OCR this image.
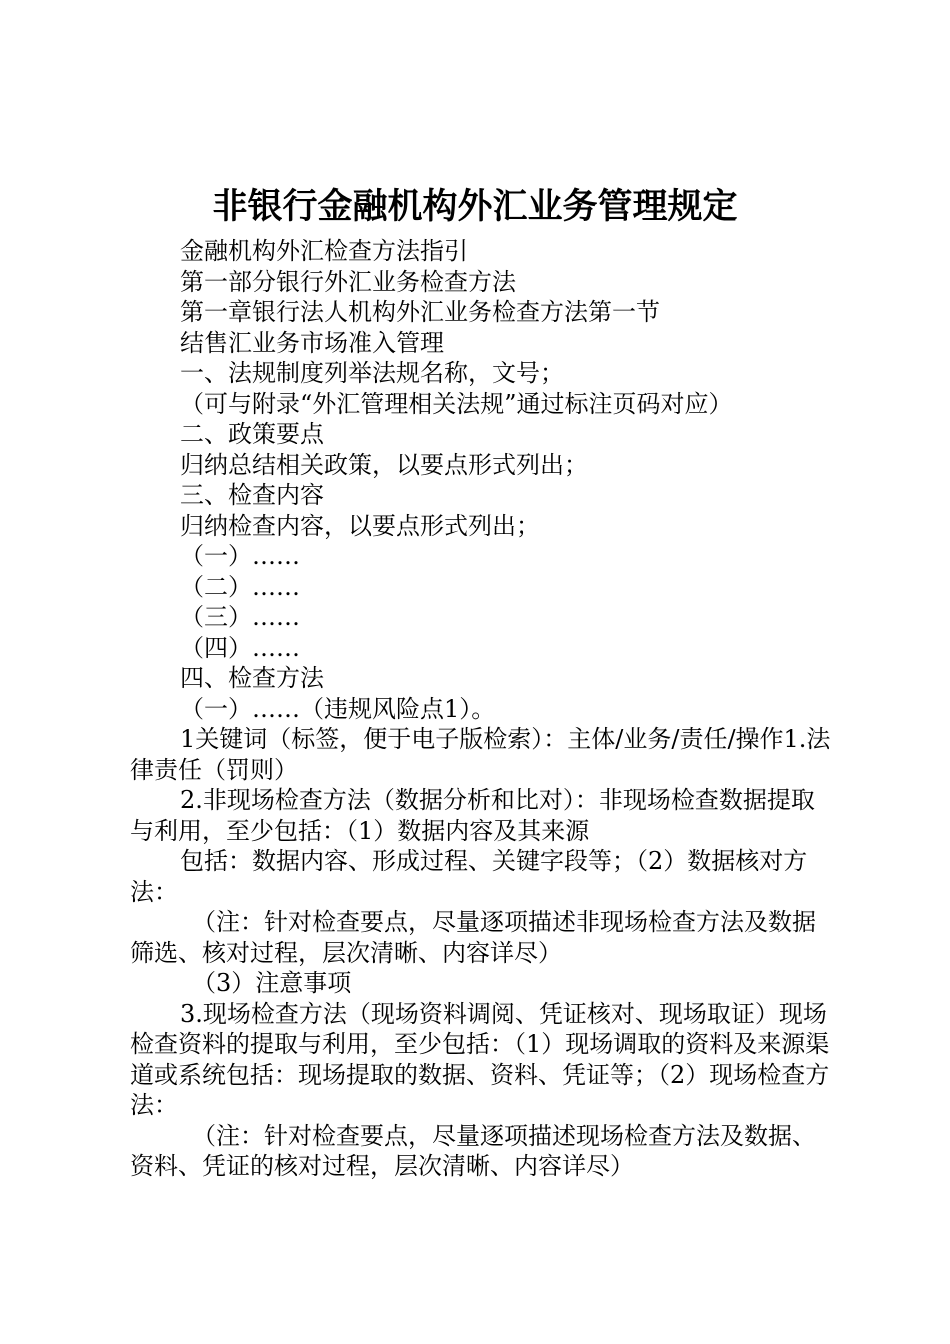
非银行金融机构外汇业务管理规定

金融机构外汇检查方法指引

第一部分银行外汇业务检查方法

第一章银行法人机构外汇业务检查方法第一节

结售汇业务市场准入管理

一、法规制度列举法规名称，文号；

（可与附录“外汇管理相关法规”通过标注页码对应）

二、政策要点

归纳总结相关政策，以要点形式列出；

三、检查内容

归纳检查内容，以要点形式列出；

（一）……

（二）……

（三）……

（四）……

四、检查方法

（一）……（违规风险点1）。

1关键词（标签，便于电子版检索）：主体/业务/责任/操作1.法律责任（罚则）

2.非现场检查方法（数据分析和比对）：非现场检查数据提取与利用，至少包括：（1）数据内容及其来源

包括：数据内容、形成过程、关键字段等；（2）数据核对方法：

（注：针对检查要点，尽量逐项描述非现场检查方法及数据筛选、核对过程，层次清晰、内容详尽）

（3）注意事项

3.现场检查方法（现场资料调阅、凭证核对、现场取证）现场检查资料的提取与利用，至少包括：（1）现场调取的资料及来源渠道或系统包括：现场提取的数据、资料、凭证等；（2）现场检查方法：

（注：针对检查要点，尽量逐项描述现场检查方法及数据、资料、凭证的核对过程，层次清晰、内容详尽）
